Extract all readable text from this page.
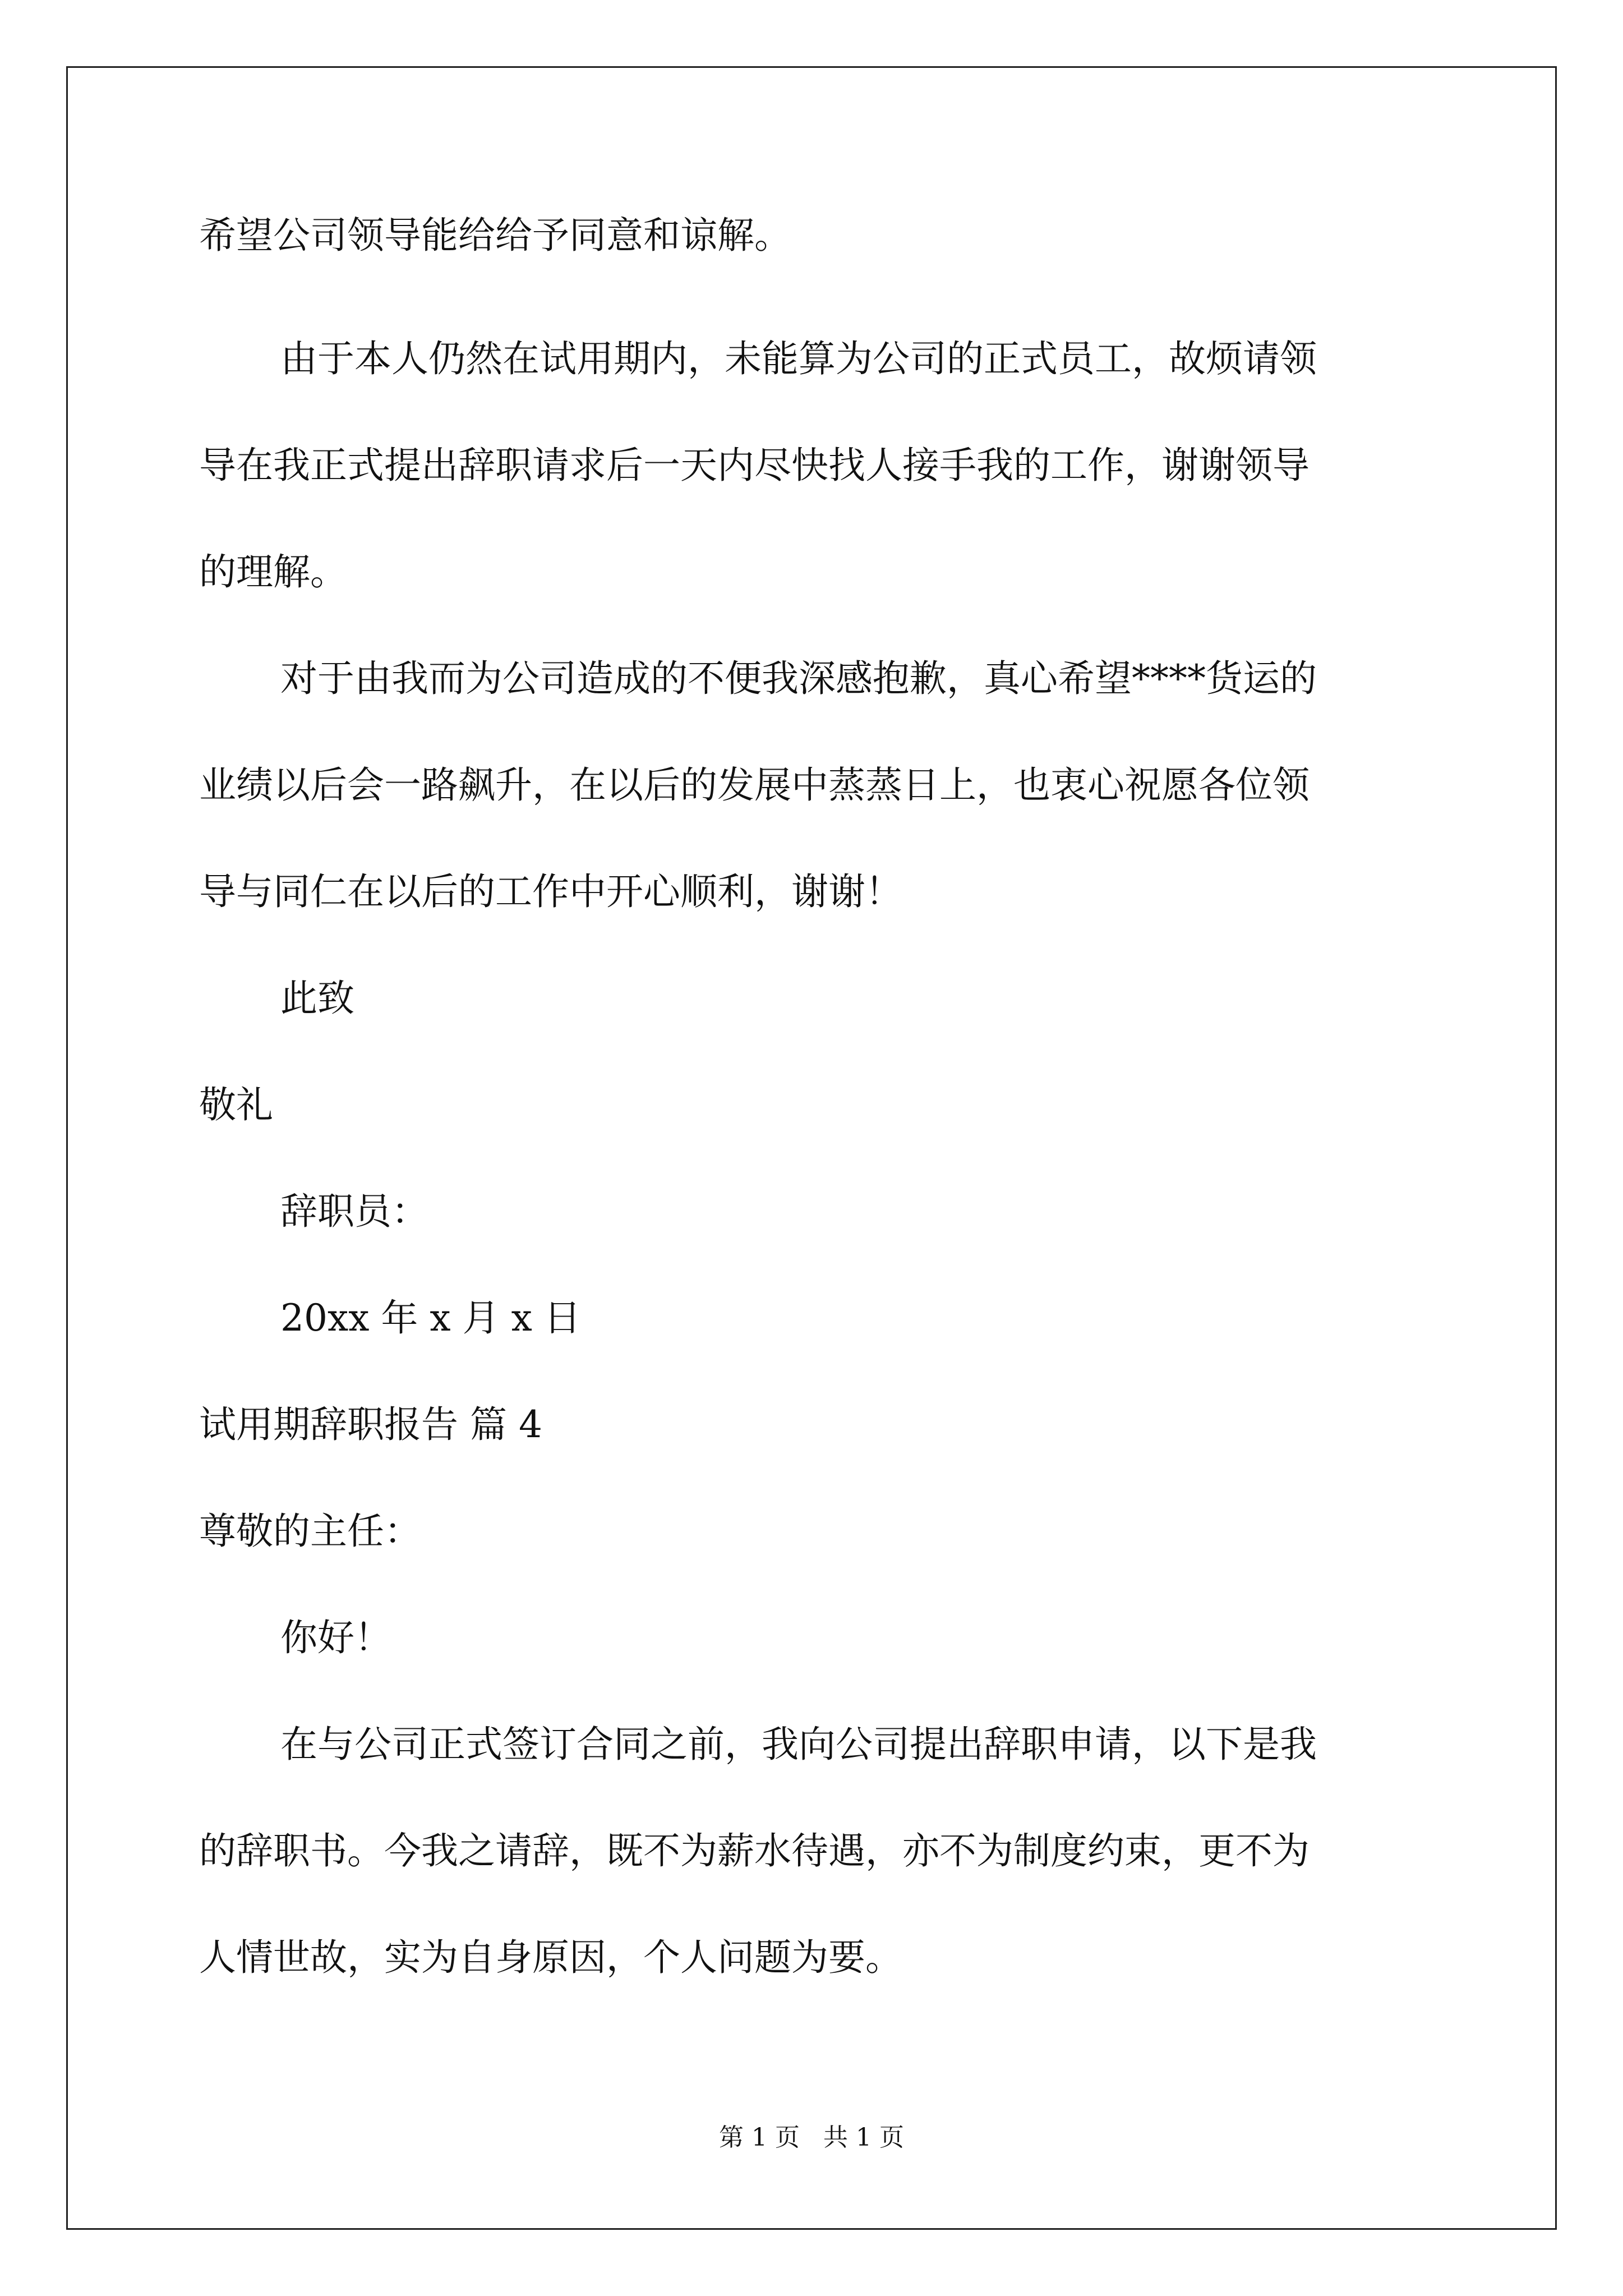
希望公司领导能给给予同意和谅解。
由于本人仍然在试用期内，未能算为公司的正式员工，故烦请领
导在我正式提出辞职请求后一天内尽快找人接手我的工作，谢谢领导
的理解。
对于由我而为公司造成的不便我深感抱歉，真心希望****货运的
业绩以后会一路飙升，在以后的发展中蒸蒸日上，也衷心祝愿各位领
导与同仁在以后的工作中开心顺利，谢谢！
此致
敬礼
辞职员：
20xx 年 x 月 x 日
试用期辞职报告 篇 4
尊敬的主任：
你好！
在与公司正式签订合同之前，我向公司提出辞职申请，以下是我
的辞职书。今我之请辞，既不为薪水待遇，亦不为制度约束，更不为
人情世故，实为自身原因，个人问题为要。
第 1 页   共 1 页
